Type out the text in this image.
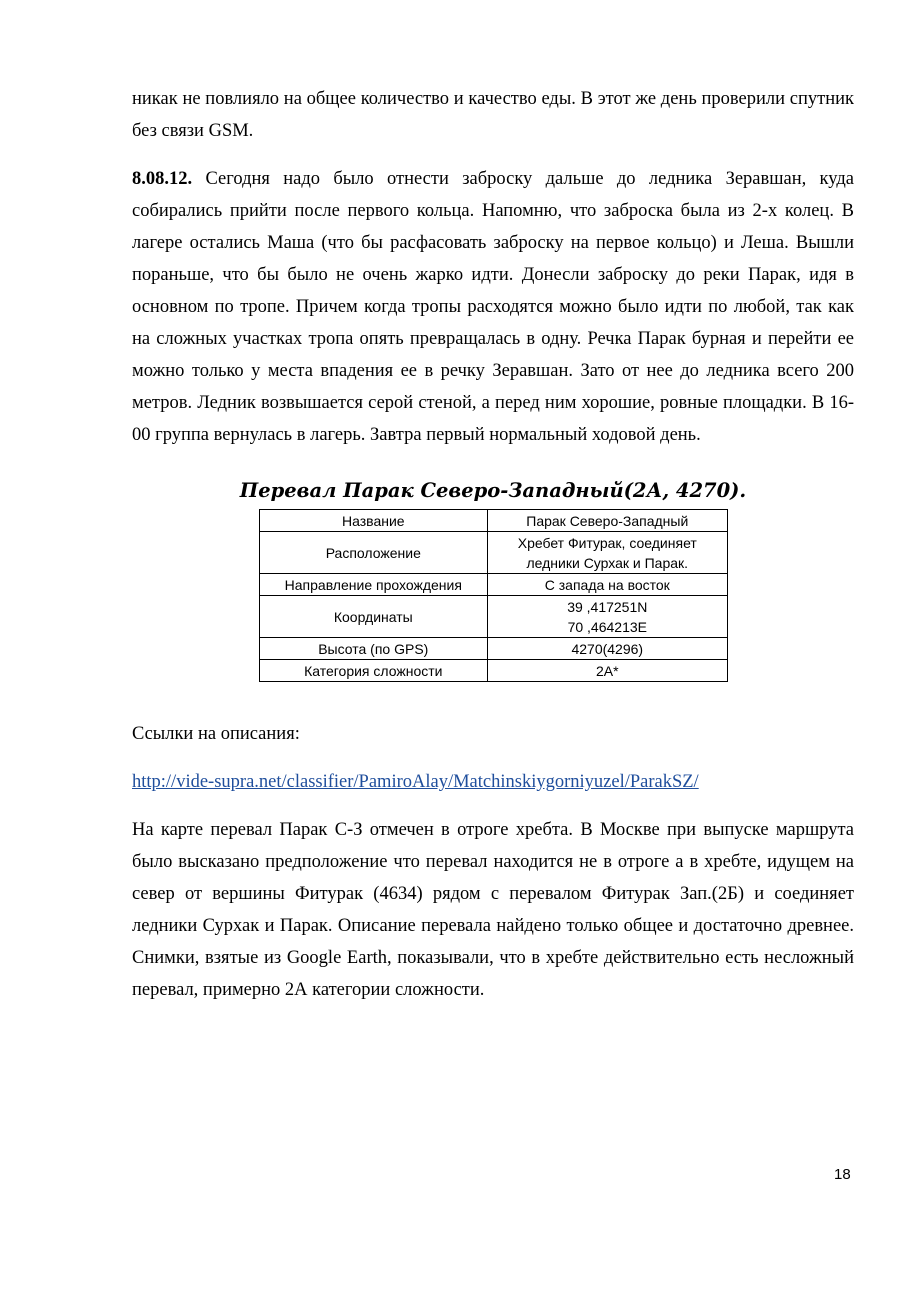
никак не повлияло на общее количество и качество еды. В этот же день проверили спутник без связи GSM.

8.08.12. Сегодня надо было отнести заброску дальше до ледника Зеравшан, куда собирались прийти после первого кольца. Напомню, что заброска была из 2-х колец. В лагере остались Маша (что бы расфасовать заброску на первое кольцо) и Леша. Вышли пораньше, что бы было не очень жарко идти. Донесли заброску до реки Парак, идя в основном по тропе. Причем когда тропы расходятся можно было идти по любой, так как на сложных участках тропа опять превращалась в одну. Речка Парак бурная и перейти ее можно только у места впадения ее в речку Зеравшан. Зато от нее до ледника всего 200 метров. Ледник возвышается серой стеной, а перед ним хорошие, ровные площадки. В 16-00 группа вернулась в лагерь. Завтра первый нормальный ходовой день.

Перевал Парак Северо-Западный(2А, 4270).
Название	Парак Северо-Западный
Расположение	Хребет Фитурак, соединяет
ледники Сурхак и Парак.

Направление прохождения	С запада на восток
Координаты	39 ,417251N
70 ,464213E

Высота (по GPS)	4270(4296)
Категория сложности	2А*

Ссылки на описания:

http://vide-supra.net/classifier/PamiroAlay/Matchinskiygorniyuzel/ParakSZ/

На карте перевал Парак С-З отмечен в отроге хребта. В Москве при выпуске маршрута было высказано предположение что перевал находится не в отроге а в хребте, идущем на север от вершины Фитурак (4634) рядом с перевалом Фитурак Зап.(2Б) и соединяет ледники Сурхак и Парак. Описание перевала найдено только общее и достаточно древнее. Снимки, взятые из Google Earth, показывали, что в хребте действительно есть несложный перевал, примерно 2А категории сложности.

18
